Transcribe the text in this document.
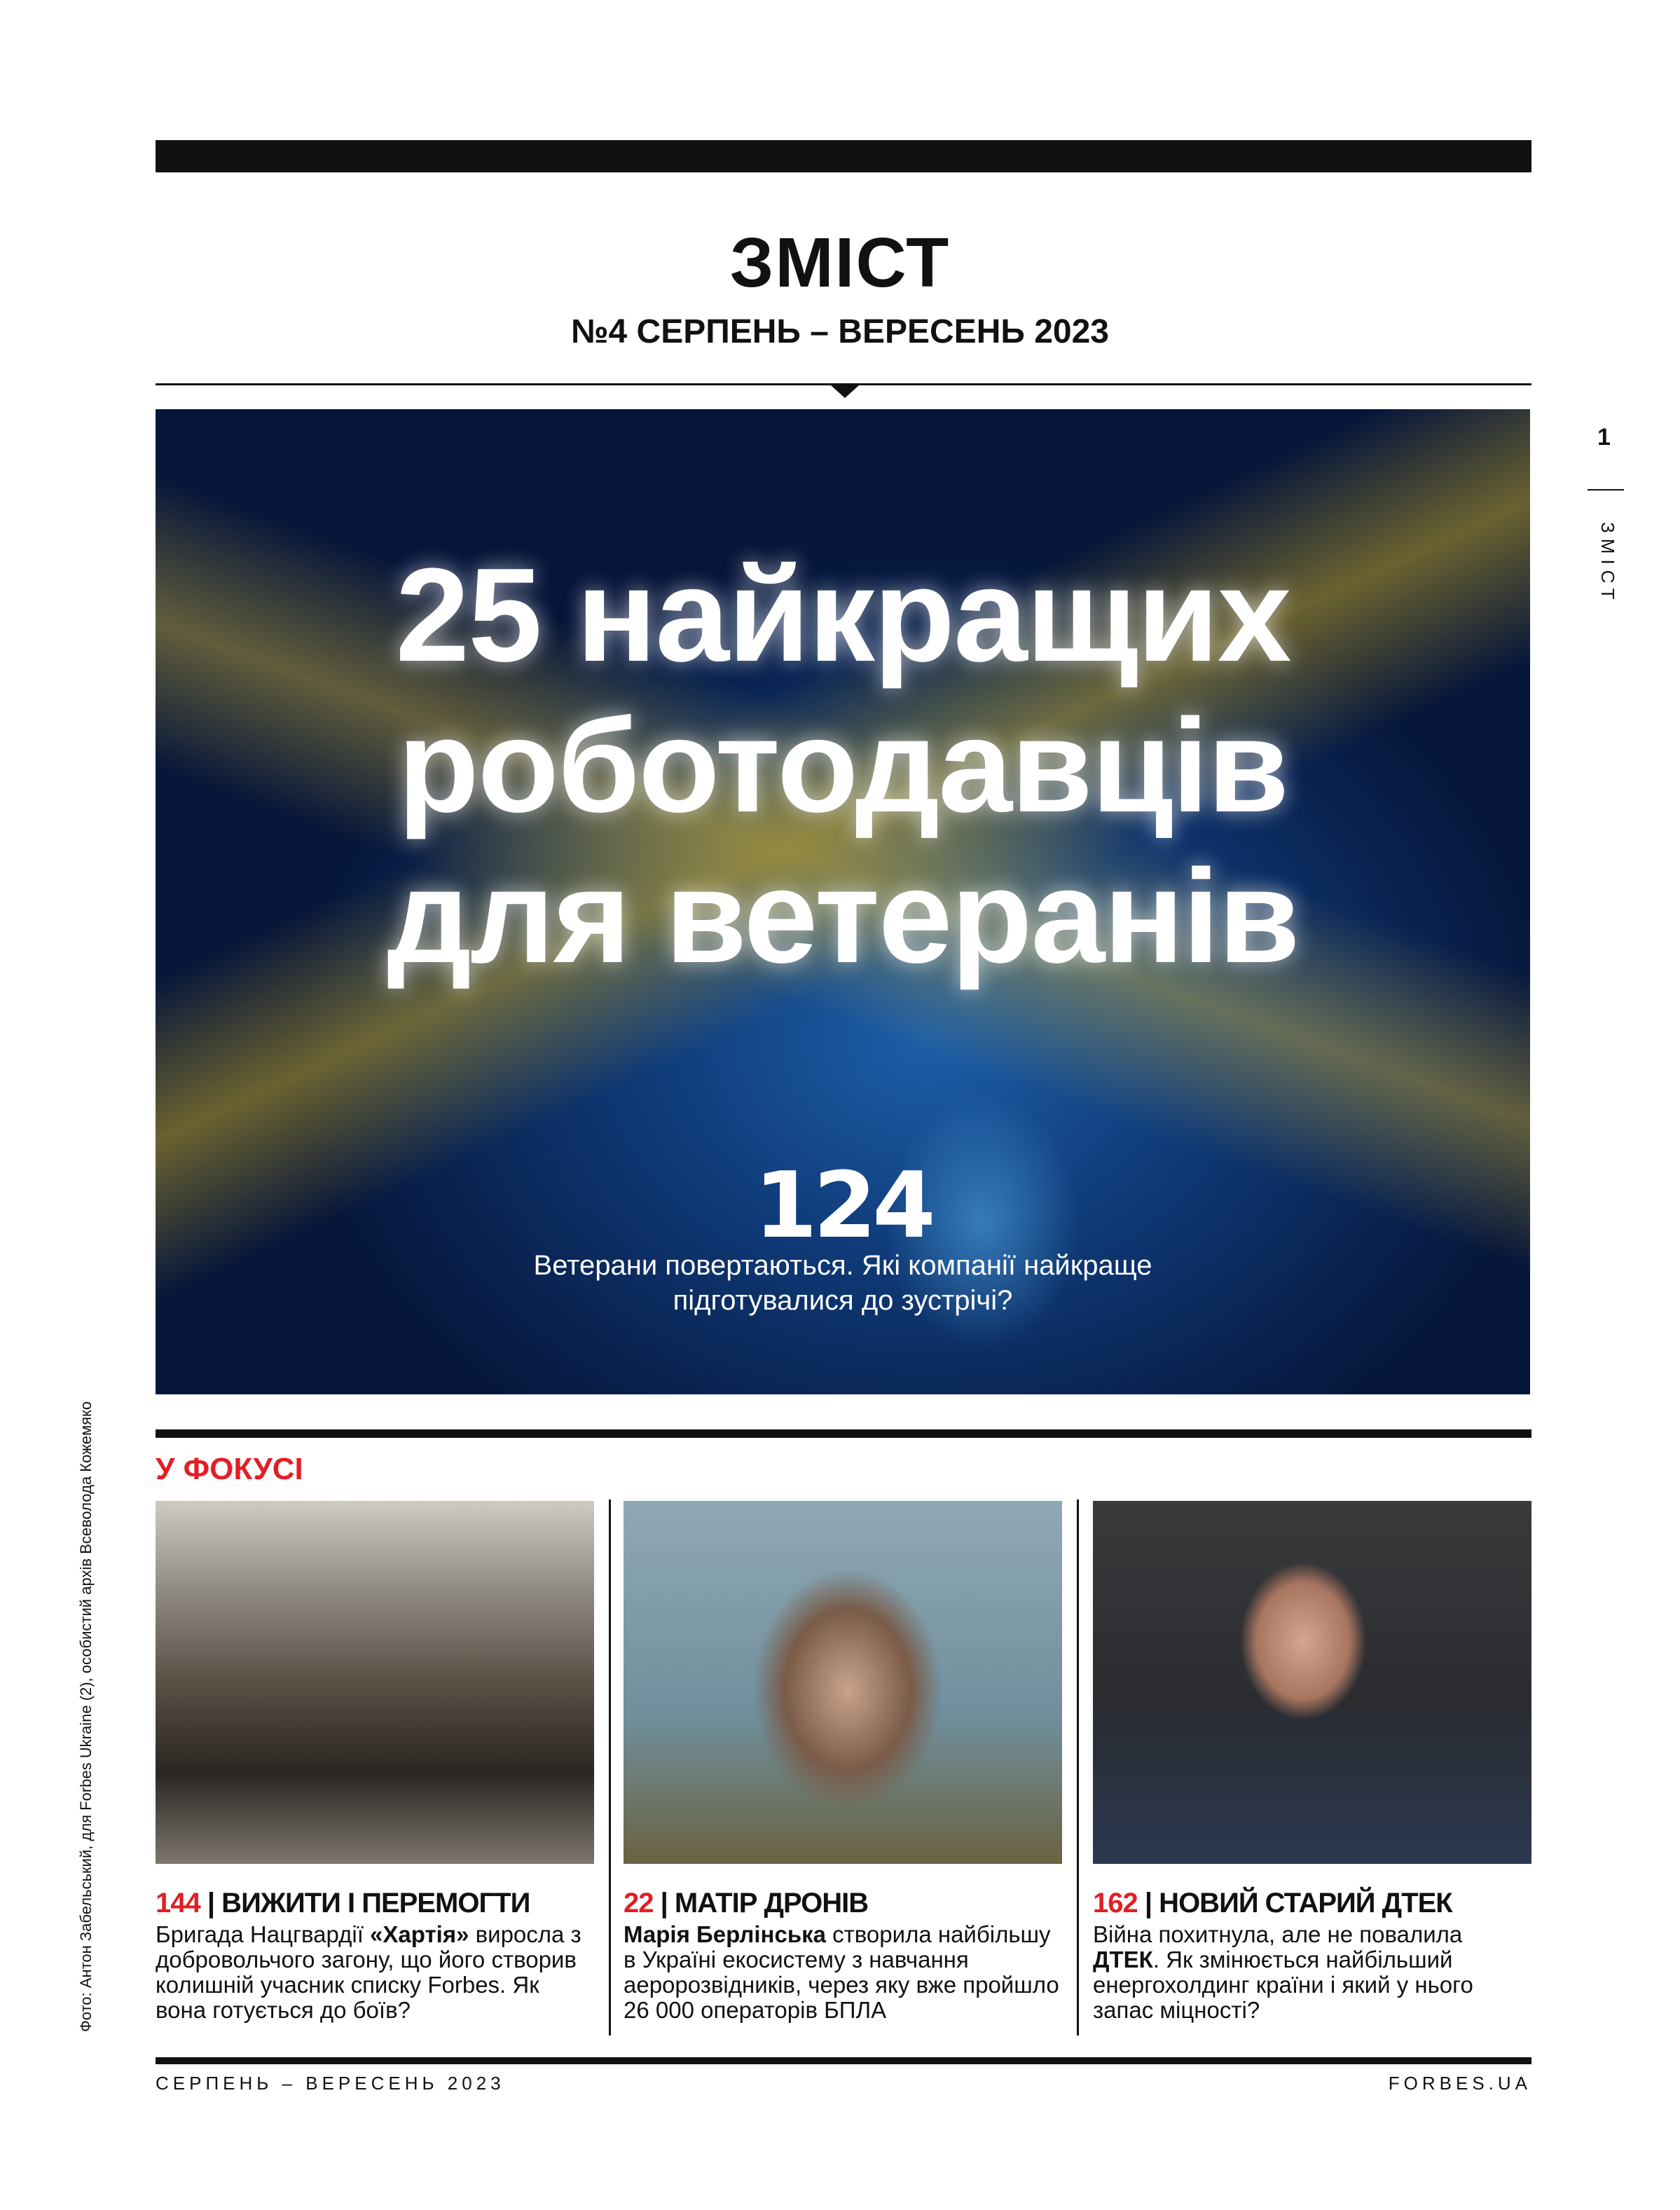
ЗМІСТ
№4 СЕРПЕНЬ – ВЕРЕСЕНЬ 2023
25 найкращих
роботодавців
для ветеранів
124
Ветерани повертаються. Які компанії найкраще
підготувалися до зустрічі?
У ФОКУСІ
144 | ВИЖИТИ І ПЕРЕМОГТИ
Бригада Нацгвардії «Хартія» виросла з добровольчого загону, що його створив колишній учасник списку Forbes. Як вона готується до боїв?
22 | МАТІР ДРОНІВ
Марія Берлінська створила найбільшу в Україні екосистему з навчання аеророзвідників, через яку вже пройшло 26 000 операторів БПЛА
162 | НОВИЙ СТАРИЙ ДТЕК
Війна похитнула, але не повалила ДТЕК. Як змінюється найбільший енергохолдинг країни і який у нього запас міцності?
СЕРПЕНЬ – ВЕРЕСЕНЬ 2023	FORBES.UA
Фото: Антон Забельський, для Forbes Ukraine (2), особистий архів Всеволода Кожемяко
1
ЗМІСТ
